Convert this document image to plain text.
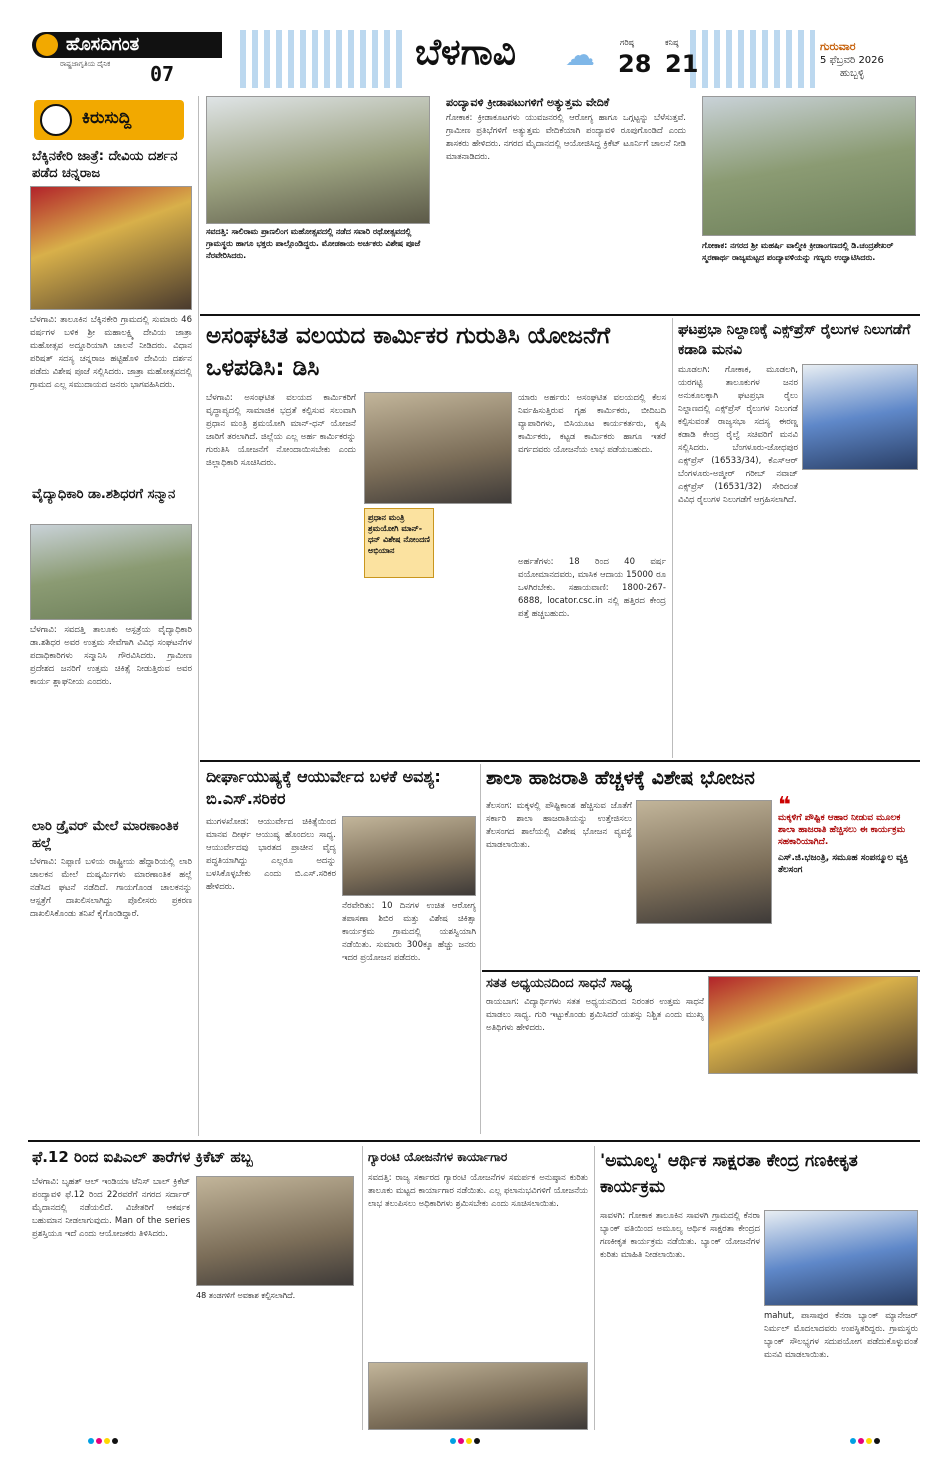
ಹೊಸದಿಗಂತ
ರಾಷ್ಟ್ರಜಾಗೃತಿಯ ದೈನಿಕ 07
ಬೆಳಗಾವಿ ☁	ಗರಿಷ್ಠ
28
ಕನಿಷ್ಠ
21
ಗುರುವಾರ
5 ಫೆಬ್ರವರಿ 2026
ಹುಬ್ಬಳ್ಳಿ
ಕಿರುಸುದ್ದಿ
ಬೆಕ್ಕಿನಕೇರಿ ಜಾತ್ರೆ: ದೇವಿಯ ದರ್ಶನ ಪಡೆದ ಚನ್ನರಾಜ
ಬೆಳಗಾವಿ: ತಾಲೂಕಿನ ಬೆಕ್ಕಿನಕೇರಿ ಗ್ರಾಮದಲ್ಲಿ ಸುಮಾರು 46 ವರ್ಷಗಳ ಬಳಿಕ ಶ್ರೀ ಮಹಾಲಕ್ಷ್ಮಿ ದೇವಿಯ ಜಾತ್ರಾ ಮಹೋತ್ಸವ ಅದ್ದೂರಿಯಾಗಿ ಚಾಲನೆ ನೀಡಿದರು. ವಿಧಾನ ಪರಿಷತ್ ಸದಸ್ಯ ಚನ್ನರಾಜ ಹಟ್ಟಿಹೊಳಿ ದೇವಿಯ ದರ್ಶನ ಪಡೆದು ವಿಶೇಷ ಪೂಜೆ ಸಲ್ಲಿಸಿದರು. ಜಾತ್ರಾ ಮಹೋತ್ಸವದಲ್ಲಿ ಗ್ರಾಮದ ಎಲ್ಲ ಸಮುದಾಯದ ಜನರು ಭಾಗವಹಿಸಿದರು.
ವೈದ್ಯಾಧಿಕಾರಿ ಡಾ.ಶಶಿಧರಗೆ ಸನ್ಮಾನ
ಬೆಳಗಾವಿ: ಸವದತ್ತಿ ತಾಲೂಕು ಆಸ್ಪತ್ರೆಯ ವೈದ್ಯಾಧಿಕಾರಿ ಡಾ.ಶಶಿಧರ ಅವರ ಉತ್ತಮ ಸೇವೆಗಾಗಿ ವಿವಿಧ ಸಂಘಟನೆಗಳ ಪದಾಧಿಕಾರಿಗಳು ಸನ್ಮಾನಿಸಿ ಗೌರವಿಸಿದರು. ಗ್ರಾಮೀಣ ಪ್ರದೇಶದ ಜನರಿಗೆ ಉತ್ತಮ ಚಿಕಿತ್ಸೆ ನೀಡುತ್ತಿರುವ ಅವರ ಕಾರ್ಯ ಶ್ಲಾಘನೀಯ ಎಂದರು.
ಲಾರಿ ಡ್ರೈವರ್ ಮೇಲೆ ಮಾರಣಾಂತಿಕ ಹಲ್ಲೆ
ಬೆಳಗಾವಿ: ನಿಪ್ಪಾಣಿ ಬಳಿಯ ರಾಷ್ಟ್ರೀಯ ಹೆದ್ದಾರಿಯಲ್ಲಿ ಲಾರಿ ಚಾಲಕನ ಮೇಲೆ ದುಷ್ಕರ್ಮಿಗಳು ಮಾರಣಾಂತಿಕ ಹಲ್ಲೆ ನಡೆಸಿದ ಘಟನೆ ನಡೆದಿದೆ. ಗಾಯಗೊಂಡ ಚಾಲಕನನ್ನು ಆಸ್ಪತ್ರೆಗೆ ದಾಖಲಿಸಲಾಗಿದ್ದು ಪೊಲೀಸರು ಪ್ರಕರಣ ದಾಖಲಿಸಿಕೊಂಡು ತನಿಖೆ ಕೈಗೊಂಡಿದ್ದಾರೆ.
ಸವದತ್ತಿ: ಸಾಲಿರಾಮ ಪ್ರಾಣಲಿಂಗ ಮಹೋತ್ಸವದಲ್ಲಿ ನಡೆದ ಸವಾರಿ ರಥೋತ್ಸವದಲ್ಲಿ ಗ್ರಾಮಸ್ಥರು ಹಾಗೂ ಭಕ್ತರು ಪಾಲ್ಗೊಂಡಿದ್ದರು. ಮೋಡಕಾಯ ಅರ್ಚಕರು ವಿಶೇಷ ಪೂಜೆ ನೆರವೇರಿಸಿದರು.
ಪಂದ್ಯಾವಳಿ ಕ್ರೀಡಾಪಟುಗಳಿಗೆ ಅತ್ಯುತ್ತಮ ವೇದಿಕೆ
ಗೋಕಾಕ: ಕ್ರೀಡಾಕೂಟಗಳು ಯುವಜನರಲ್ಲಿ ಆರೋಗ್ಯ ಹಾಗೂ ಒಗ್ಗಟ್ಟನ್ನು ಬೆಳೆಸುತ್ತವೆ. ಗ್ರಾಮೀಣ ಪ್ರತಿಭೆಗಳಿಗೆ ಅತ್ಯುತ್ತಮ ವೇದಿಕೆಯಾಗಿ ಪಂದ್ಯಾವಳಿ ರೂಪುಗೊಂಡಿದೆ ಎಂದು ಶಾಸಕರು ಹೇಳಿದರು. ನಗರದ ಮೈದಾನದಲ್ಲಿ ಆಯೋಜಿಸಿದ್ದ ಕ್ರಿಕೆಟ್ ಟೂರ್ನಿಗೆ ಚಾಲನೆ ನೀಡಿ ಮಾತನಾಡಿದರು.
ಗೋಕಾಕ: ನಗರದ ಶ್ರೀ ಮಹರ್ಷಿ ವಾಲ್ಮೀಕಿ ಕ್ರೀಡಾಂಗಣದಲ್ಲಿ ಡಿ.ಚಂದ್ರಶೇಖರ್ ಸ್ಮರಣಾರ್ಥ ರಾಜ್ಯಮಟ್ಟದ ಪಂದ್ಯಾವಳಿಯನ್ನು ಗಣ್ಯರು ಉದ್ಘಾಟಿಸಿದರು.
ಅಸಂಘಟಿತ ವಲಯದ ಕಾರ್ಮಿಕರ ಗುರುತಿಸಿ ಯೋಜನೆಗೆ ಒಳಪಡಿಸಿ: ಡಿಸಿ
ಬೆಳಗಾವಿ: ಅಸಂಘಟಿತ ವಲಯದ ಕಾರ್ಮಿಕರಿಗೆ ವೃದ್ಧಾಪ್ಯದಲ್ಲಿ ಸಾಮಾಜಿಕ ಭದ್ರತೆ ಕಲ್ಪಿಸುವ ಸಲುವಾಗಿ ಪ್ರಧಾನ ಮಂತ್ರಿ ಶ್ರಮಯೋಗಿ ಮಾನ್-ಧನ್ ಯೋಜನೆ ಜಾರಿಗೆ ತರಲಾಗಿದೆ. ಜಿಲ್ಲೆಯ ಎಲ್ಲ ಅರ್ಹ ಕಾರ್ಮಿಕರನ್ನು ಗುರುತಿಸಿ ಯೋಜನೆಗೆ ನೋಂದಾಯಿಸಬೇಕು ಎಂದು ಜಿಲ್ಲಾಧಿಕಾರಿ ಸೂಚಿಸಿದರು.
ಪ್ರಧಾನ ಮಂತ್ರಿ ಶ್ರಮಯೋಗಿ ಮಾನ್-ಧನ್ ವಿಶೇಷ ನೋಂದಣಿ ಅಭಿಯಾನ
ಯಾರು ಅರ್ಹರು: ಅಸಂಘಟಿತ ವಲಯದಲ್ಲಿ ಕೆಲಸ ನಿರ್ವಹಿಸುತ್ತಿರುವ ಗೃಹ ಕಾರ್ಮಿಕರು, ಬೀದಿಬದಿ ವ್ಯಾಪಾರಿಗಳು, ಬಿಸಿಯೂಟ ಕಾರ್ಯಕರ್ತರು, ಕೃಷಿ ಕಾರ್ಮಿಕರು, ಕಟ್ಟಡ ಕಾರ್ಮಿಕರು ಹಾಗೂ ಇತರೆ ವರ್ಗದವರು ಯೋಜನೆಯ ಲಾಭ ಪಡೆಯಬಹುದು.
ಅರ್ಹತೆಗಳು: 18 ರಿಂದ 40 ವರ್ಷ ವಯೋಮಾನದವರು, ಮಾಸಿಕ ಆದಾಯ 15000 ರೂ ಒಳಗಿರಬೇಕು. ಸಹಾಯವಾಣಿ: 1800-267-6888, locator.csc.in ನಲ್ಲಿ ಹತ್ತಿರದ ಕೇಂದ್ರ ಪತ್ತೆ ಹಚ್ಚಬಹುದು.
ಘಟಪ್ರಭಾ ನಿಲ್ದಾಣಕ್ಕೆ ಎಕ್ಸ್‌ಪ್ರೆಸ್ ರೈಲುಗಳ ನಿಲುಗಡೆಗೆ ಕಡಾಡಿ ಮನವಿ
ಮೂಡಲಗಿ: ಗೋಕಾಕ, ಮೂಡಲಗಿ, ಯರಗಟ್ಟಿ ತಾಲೂಕುಗಳ ಜನರ ಅನುಕೂಲಕ್ಕಾಗಿ ಘಟಪ್ರಭಾ ರೈಲು ನಿಲ್ದಾಣದಲ್ಲಿ ಎಕ್ಸ್‌ಪ್ರೆಸ್ ರೈಲುಗಳ ನಿಲುಗಡೆ ಕಲ್ಪಿಸುವಂತೆ ರಾಜ್ಯಸಭಾ ಸದಸ್ಯ ಈರಣ್ಣ ಕಡಾಡಿ ಕೇಂದ್ರ ರೈಲ್ವೆ ಸಚಿವರಿಗೆ ಮನವಿ ಸಲ್ಲಿಸಿದರು. ಬೆಂಗಳೂರು-ಜೋಧಪುರ ಎಕ್ಸ್‌ಪ್ರೆಸ್ (16533/34), ಕೆಎಸ್‌ಆರ್ ಬೆಂಗಳೂರು-ಅಜ್ಮೀರ್ ಗರೀಬ್ ನವಾಜ್ ಎಕ್ಸ್‌ಪ್ರೆಸ್ (16531/32) ಸೇರಿದಂತೆ ವಿವಿಧ ರೈಲುಗಳ ನಿಲುಗಡೆಗೆ ಆಗ್ರಹಿಸಲಾಗಿದೆ.
ದೀರ್ಘಾಯುಷ್ಯಕ್ಕೆ ಆಯುರ್ವೇದ ಬಳಕೆ ಅವಶ್ಯ: ಬಿ.ಎಸ್.ಸರಿಕರ
ಮುಗಳಖೋಡ: ಆಯುರ್ವೇದ ಚಿಕಿತ್ಸೆಯಿಂದ ಮಾನವ ದೀರ್ಘ ಆಯುಷ್ಯ ಹೊಂದಲು ಸಾಧ್ಯ. ಆಯುರ್ವೇದವು ಭಾರತದ ಪ್ರಾಚೀನ ವೈದ್ಯ ಪದ್ಧತಿಯಾಗಿದ್ದು ಎಲ್ಲರೂ ಅದನ್ನು ಬಳಸಿಕೊಳ್ಳಬೇಕು ಎಂದು ಬಿ.ಎಸ್.ಸರಿಕರ ಹೇಳಿದರು.
ನೆರವೇರಿತು: 10 ದಿನಗಳ ಉಚಿತ ಆರೋಗ್ಯ ತಪಾಸಣಾ ಶಿಬಿರ ಮತ್ತು ವಿಶೇಷ ಚಿಕಿತ್ಸಾ ಕಾರ್ಯಕ್ರಮ ಗ್ರಾಮದಲ್ಲಿ ಯಶಸ್ವಿಯಾಗಿ ನಡೆಯಿತು. ಸುಮಾರು 300ಕ್ಕೂ ಹೆಚ್ಚು ಜನರು ಇದರ ಪ್ರಯೋಜನ ಪಡೆದರು.
ಶಾಲಾ ಹಾಜರಾತಿ ಹೆಚ್ಚಳಕ್ಕೆ ವಿಶೇಷ ಭೋಜನ
ತೆಲಸಂಗ: ಮಕ್ಕಳಲ್ಲಿ ಪೌಷ್ಟಿಕಾಂಶ ಹೆಚ್ಚಿಸುವ ಜೊತೆಗೆ ಸರ್ಕಾರಿ ಶಾಲಾ ಹಾಜರಾತಿಯನ್ನು ಉತ್ತೇಜಿಸಲು ತೆಲಸಂಗದ ಶಾಲೆಯಲ್ಲಿ ವಿಶೇಷ ಭೋಜನ ವ್ಯವಸ್ಥೆ ಮಾಡಲಾಯಿತು.
❝
ಮಕ್ಕಳಿಗೆ ಪೌಷ್ಟಿಕ ಆಹಾರ ನೀಡುವ ಮೂಲಕ ಶಾಲಾ ಹಾಜರಾತಿ ಹೆಚ್ಚಿಸಲು ಈ ಕಾರ್ಯಕ್ರಮ ಸಹಕಾರಿಯಾಗಿದೆ.
ಎಸ್.ಜಿ.ಭಜಂತ್ರಿ, ಸಮೂಹ ಸಂಪನ್ಮೂಲ ವ್ಯಕ್ತಿ ತೆಲಸಂಗ
ಸತತ ಅಧ್ಯಯನದಿಂದ ಸಾಧನೆ ಸಾಧ್ಯ
ರಾಯಬಾಗ: ವಿದ್ಯಾರ್ಥಿಗಳು ಸತತ ಅಧ್ಯಯನದಿಂದ ನಿರಂತರ ಉತ್ತಮ ಸಾಧನೆ ಮಾಡಲು ಸಾಧ್ಯ. ಗುರಿ ಇಟ್ಟುಕೊಂಡು ಶ್ರಮಿಸಿದರೆ ಯಶಸ್ಸು ನಿಶ್ಚಿತ ಎಂದು ಮುಖ್ಯ ಅತಿಥಿಗಳು ಹೇಳಿದರು.
ಫೆ.12 ರಿಂದ ಐಪಿಎಲ್ ತಾರೆಗಳ ಕ್ರಿಕೆಟ್ ಹಬ್ಬ
ಬೆಳಗಾವಿ: ಬೃಹತ್ ಆಲ್ ಇಂಡಿಯಾ ಟೆನಿಸ್ ಬಾಲ್ ಕ್ರಿಕೆಟ್ ಪಂದ್ಯಾವಳಿ ಫೆ.12 ರಿಂದ 22ರವರೆಗೆ ನಗರದ ಸರ್ದಾರ್ ಮೈದಾನದಲ್ಲಿ ನಡೆಯಲಿದೆ. ವಿಜೇತರಿಗೆ ಆಕರ್ಷಕ ಬಹುಮಾನ ನೀಡಲಾಗುವುದು. Man of the series ಪ್ರಶಸ್ತಿಯೂ ಇದೆ ಎಂದು ಆಯೋಜಕರು ತಿಳಿಸಿದರು.
48 ತಂಡಗಳಿಗೆ ಅವಕಾಶ ಕಲ್ಪಿಸಲಾಗಿದೆ.
ಗ್ಯಾರಂಟಿ ಯೋಜನೆಗಳ ಕಾರ್ಯಾಗಾರ
ಸವದತ್ತಿ: ರಾಜ್ಯ ಸರ್ಕಾರದ ಗ್ಯಾರಂಟಿ ಯೋಜನೆಗಳ ಸಮರ್ಪಕ ಅನುಷ್ಠಾನ ಕುರಿತು ತಾಲೂಕು ಮಟ್ಟದ ಕಾರ್ಯಾಗಾರ ನಡೆಯಿತು. ಎಲ್ಲ ಫಲಾನುಭವಿಗಳಿಗೆ ಯೋಜನೆಯ ಲಾಭ ತಲುಪಿಸಲು ಅಧಿಕಾರಿಗಳು ಶ್ರಮಿಸಬೇಕು ಎಂದು ಸೂಚಿಸಲಾಯಿತು.
'ಅಮೂಲ್ಯ' ಆರ್ಥಿಕ ಸಾಕ್ಷರತಾ ಕೇಂದ್ರ ಗಣಕೀಕೃತ ಕಾರ್ಯಕ್ರಮ
ಸಾವಳಗಿ: ಗೋಕಾಕ ತಾಲೂಕಿನ ಸಾವಳಗಿ ಗ್ರಾಮದಲ್ಲಿ ಕೆನರಾ ಬ್ಯಾಂಕ್ ವತಿಯಿಂದ ಅಮೂಲ್ಯ ಆರ್ಥಿಕ ಸಾಕ್ಷರತಾ ಕೇಂದ್ರದ ಗಣಕೀಕೃತ ಕಾರ್ಯಕ್ರಮ ನಡೆಯಿತು. ಬ್ಯಾಂಕ್ ಯೋಜನೆಗಳ ಕುರಿತು ಮಾಹಿತಿ ನೀಡಲಾಯಿತು.
mahut, ಪಾಸಾಪುರ ಕೆನರಾ ಬ್ಯಾಂಕ್ ಮ್ಯಾನೇಜರ್ ನಿರ್ಮಲ್ ಮೊದಲಾದವರು ಉಪಸ್ಥಿತರಿದ್ದರು. ಗ್ರಾಮಸ್ಥರು ಬ್ಯಾಂಕ್ ಸೌಲಭ್ಯಗಳ ಸದುಪಯೋಗ ಪಡೆದುಕೊಳ್ಳುವಂತೆ ಮನವಿ ಮಾಡಲಾಯಿತು.
